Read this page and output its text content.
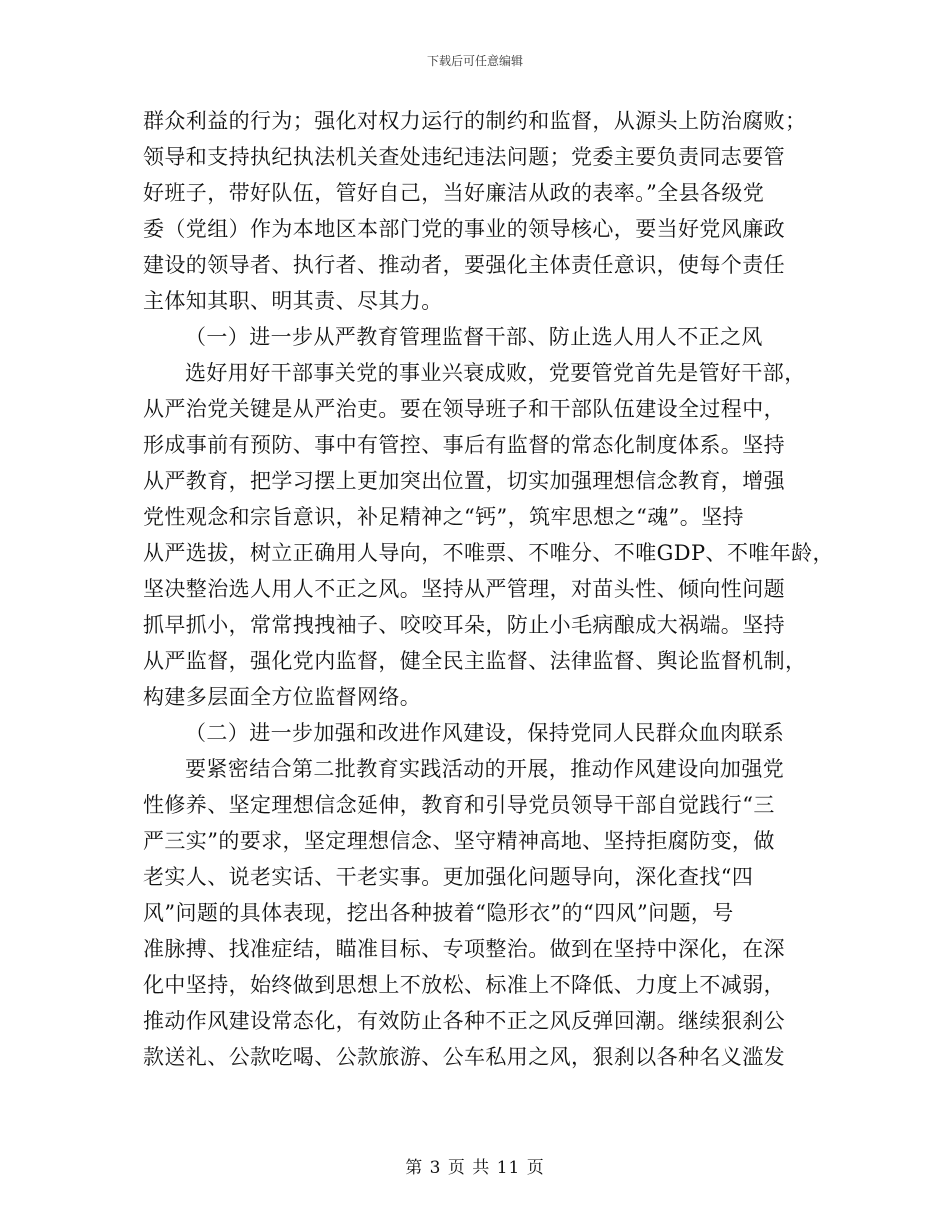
下载后可任意编辑
群众利益的行为；强化对权力运行的制约和监督，从源头上防治腐败；
领导和支持执纪执法机关查处违纪违法问题；党委主要负责同志要管
好班子，带好队伍，管好自己，当好廉洁从政的表率。”全县各级党
委（党组）作为本地区本部门党的事业的领导核心，要当好党风廉政
建设的领导者、执行者、推动者，要强化主体责任意识，使每个责任
主体知其职、明其责、尽其力。
（一）进一步从严教育管理监督干部、防止选人用人不正之风
选好用好干部事关党的事业兴衰成败，党要管党首先是管好干部，
从严治党关键是从严治吏。要在领导班子和干部队伍建设全过程中，
形成事前有预防、事中有管控、事后有监督的常态化制度体系。坚持
从严教育，把学习摆上更加突出位置，切实加强理想信念教育，增强
党性观念和宗旨意识，补足精神之“钙”，筑牢思想之“魂”。坚持
从严选拔，树立正确用人导向，不唯票、不唯分、不唯GDP、不唯年龄，
坚决整治选人用人不正之风。坚持从严管理，对苗头性、倾向性问题
抓早抓小，常常拽拽袖子、咬咬耳朵，防止小毛病酿成大祸端。坚持
从严监督，强化党内监督，健全民主监督、法律监督、舆论监督机制，
构建多层面全方位监督网络。
（二）进一步加强和改进作风建设，保持党同人民群众血肉联系
要紧密结合第二批教育实践活动的开展，推动作风建设向加强党
性修养、坚定理想信念延伸，教育和引导党员领导干部自觉践行“三
严三实”的要求，坚定理想信念、坚守精神高地、坚持拒腐防变，做
老实人、说老实话、干老实事。更加强化问题导向，深化查找“四
风”问题的具体表现，挖出各种披着“隐形衣”的“四风”问题，号
准脉搏、找准症结，瞄准目标、专项整治。做到在坚持中深化，在深
化中坚持，始终做到思想上不放松、标准上不降低、力度上不减弱，
推动作风建设常态化，有效防止各种不正之风反弹回潮。继续狠刹公
款送礼、公款吃喝、公款旅游、公车私用之风，狠刹以各种名义滥发
第 3 页 共 11 页
